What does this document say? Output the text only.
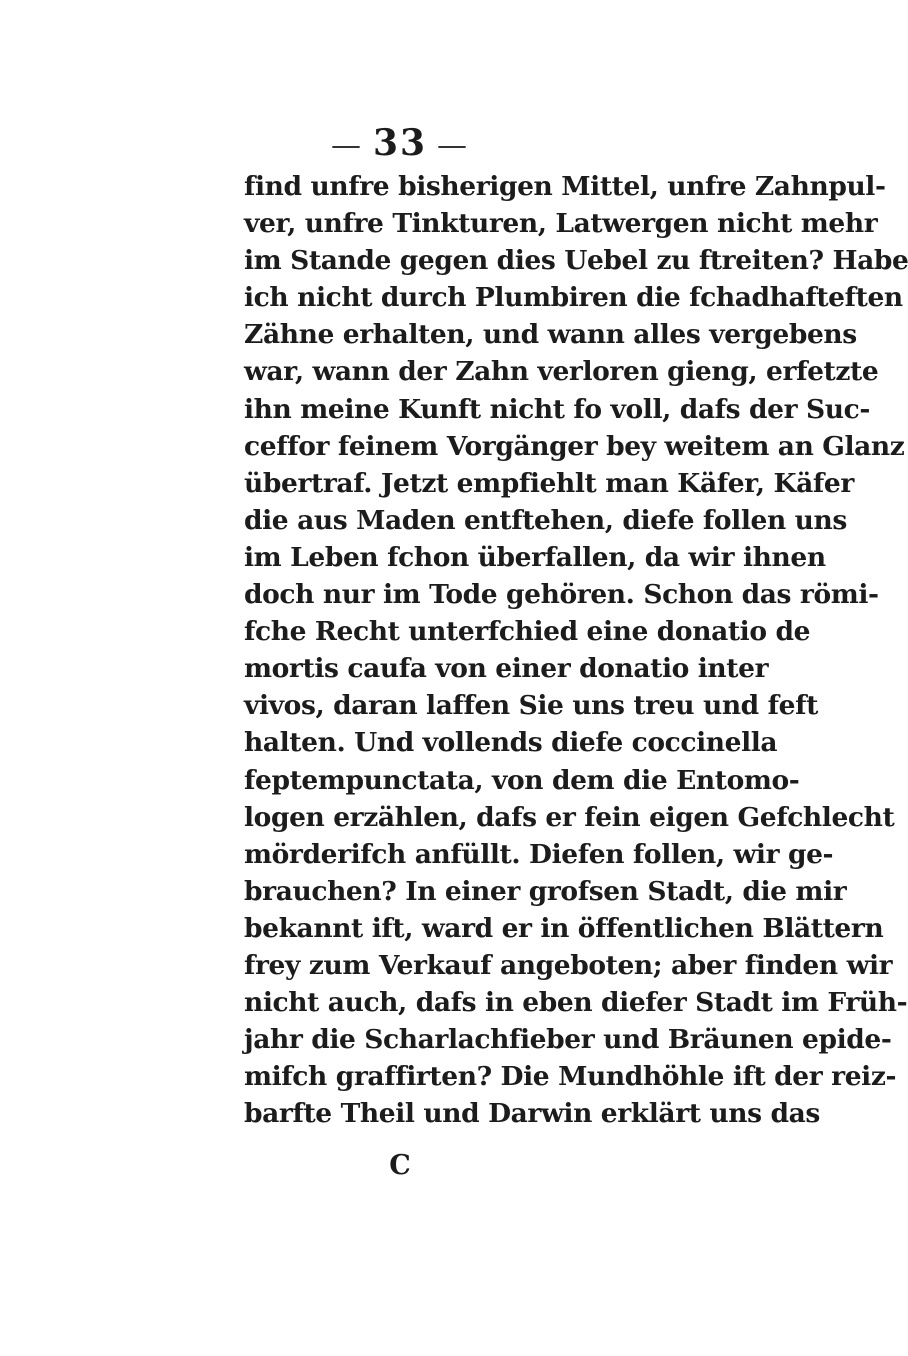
— 33 —
find unfre bisherigen Mittel, unfre Zahnpul-
ver, unfre Tinkturen, Latwergen nicht mehr
im Stande gegen dies Uebel zu ftreiten? Habe
ich nicht durch Plumbiren die fchadhafteften
Zähne erhalten, und wann alles vergebens
war, wann der Zahn verloren gieng, erfetzte
ihn meine Kunft nicht fo voll, dafs der Suc-
ceffor feinem Vorgänger bey weitem an Glanz
übertraf. Jetzt empfiehlt man Käfer, Käfer
die aus Maden entftehen, diefe follen uns
im Leben fchon überfallen, da wir ihnen
doch nur im Tode gehören. Schon das römi-
fche Recht unterfchied eine donatio de
mortis caufa von einer donatio inter
vivos, daran laffen Sie uns treu und feft
halten. Und vollends diefe coccinella
feptempunctata, von dem die Entomo-
logen erzählen, dafs er fein eigen Gefchlecht
mörderifch anfüllt. Diefen follen, wir ge-
brauchen? In einer grofsen Stadt, die mir
bekannt ift, ward er in öffentlichen Blättern
frey zum Verkauf angeboten; aber finden wir
nicht auch, dafs in eben diefer Stadt im Früh-
jahr die Scharlachfieber und Bräunen epide-
mifch graffirten? Die Mundhöhle ift der reiz-
barfte Theil und Darwin erklärt uns das
C
